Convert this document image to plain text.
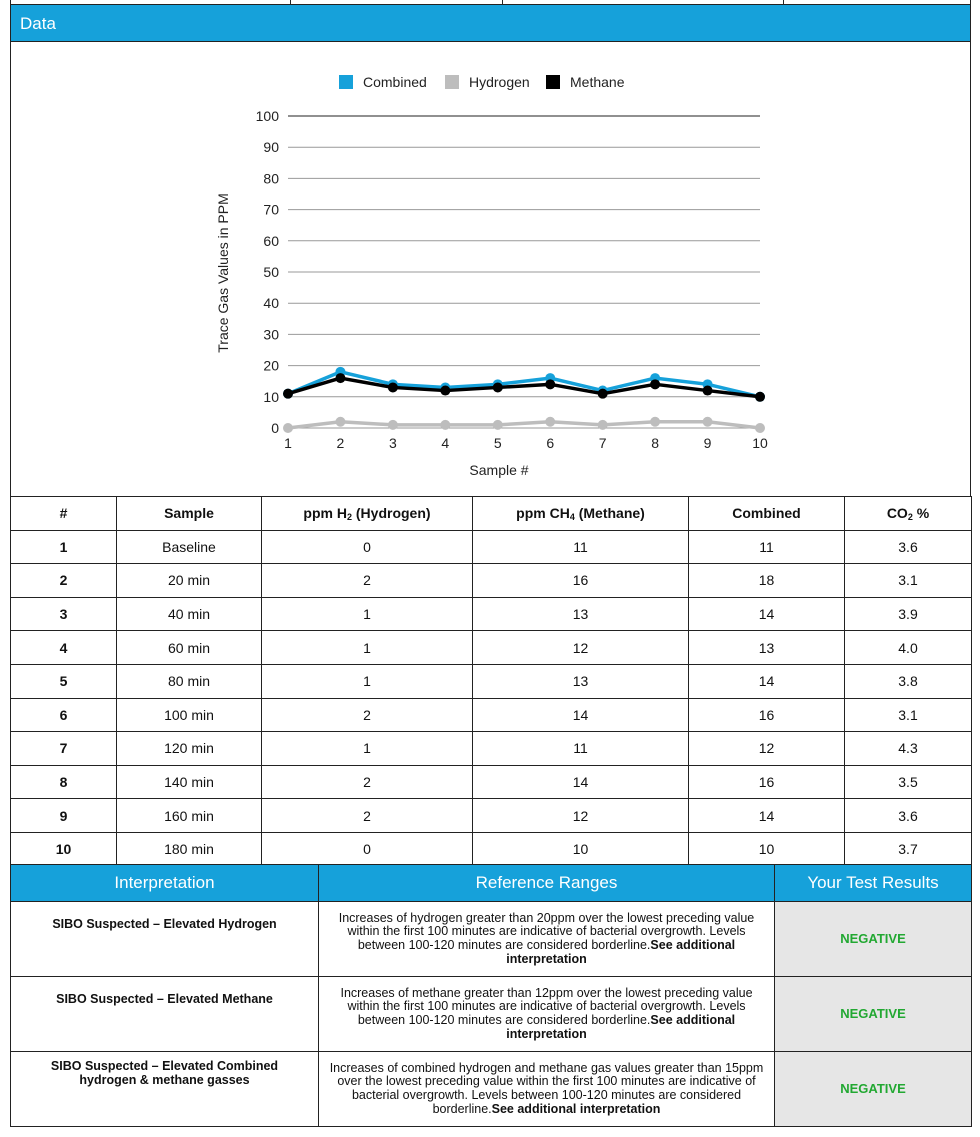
Data
0
10
20
30
40
50
60
70
80
90
100
1	2	3	4	5	6	7	8	9	10
Sample #
Trace Gas Values in PPM
Combined	Hydrogen	Methane
#	Sample	ppm $H_2$ (Hydrogen)	ppm $CH_4$ (Methane)	Combined	$CO_2$ %
1	Baseline	0	11	11	3.6
2	20 min	2	16	18	3.1
3	40 min	1	13	14	3.9
4	60 min	1	12	13	4.0
5	80 min	1	13	14	3.8
6	100 min	2	14	16	3.1
7	120 min	1	11	12	4.3
8	140 min	2	14	16	3.5
9	160 min	2	12	14	3.6
10	180 min	0	10	10	3.7
Interpretation	Reference Ranges	Your Test Results
SIBO Suspected – Elevated Hydrogen	Increases of hydrogen greater than 20ppm over the lowest preceding value within the first 100 minutes are indicative of bacterial overgrowth. Levels between 100-120 minutes are considered borderline.See additional interpretation	NEGATIVE
SIBO Suspected – Elevated Methane	Increases of methane greater than 12ppm over the lowest preceding value within the first 100 minutes are indicative of bacterial overgrowth. Levels between 100-120 minutes are considered borderline.See additional interpretation	NEGATIVE
SIBO Suspected – Elevated Combined hydrogen & methane gasses	Increases of combined hydrogen and methane gas values greater than 15ppm over the lowest preceding value within the first 100 minutes are indicative of bacterial overgrowth. Levels between 100-120 minutes are considered borderline.See additional interpretation	NEGATIVE
